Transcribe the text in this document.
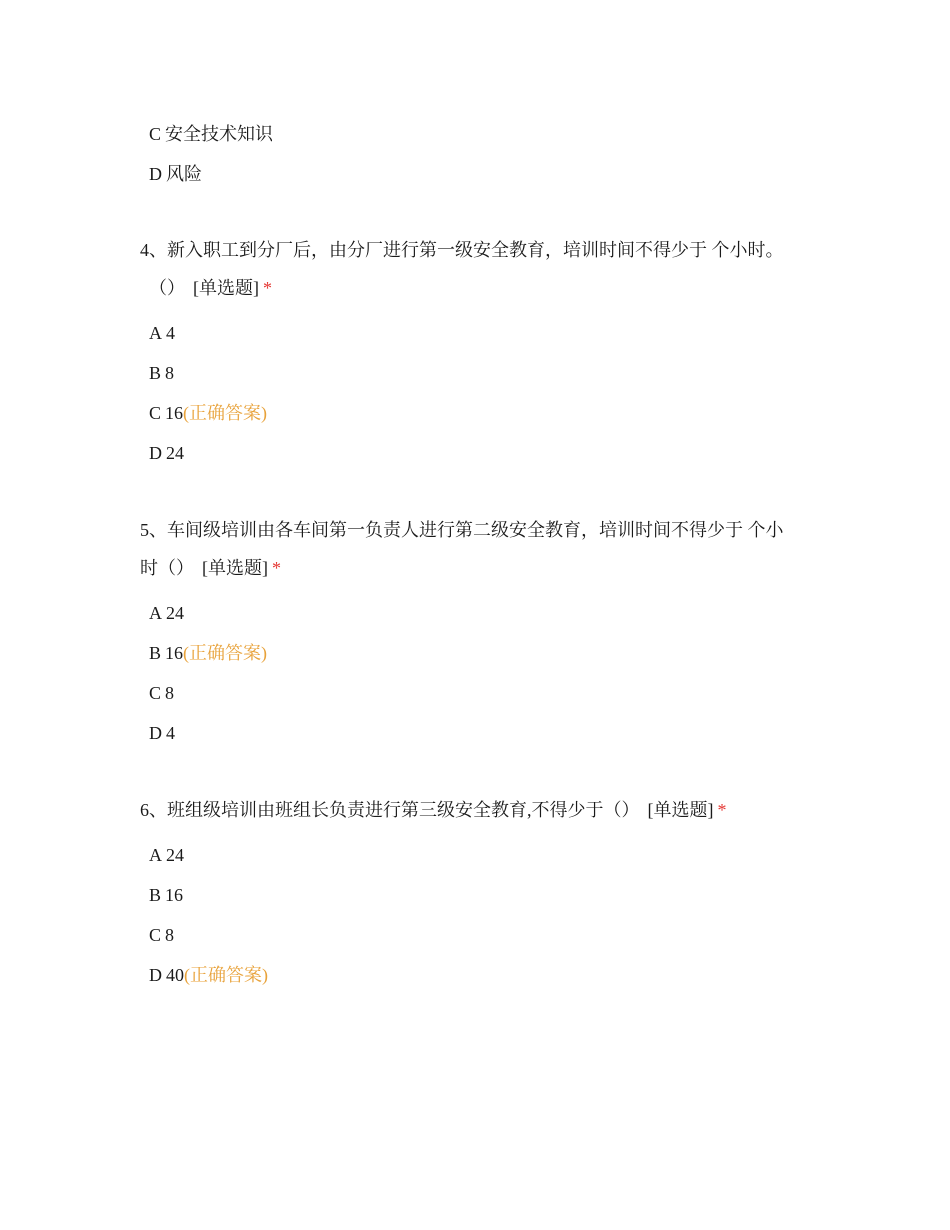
C 安全技术知识
D 风险
4、新入职工到分厂后，由分厂进行第一级安全教育，培训时间不得少于 个小时。
（） [单选题] *
A 4
B 8
C 16(正确答案)
D 24
5、车间级培训由各车间第一负责人进行第二级安全教育，培训时间不得少于 个小
时（） [单选题] *
A 24
B 16(正确答案)
C 8
D 4
6、班组级培训由班组长负责进行第三级安全教育,不得少于（） [单选题] *
A 24
B 16
C 8
D 40(正确答案)
